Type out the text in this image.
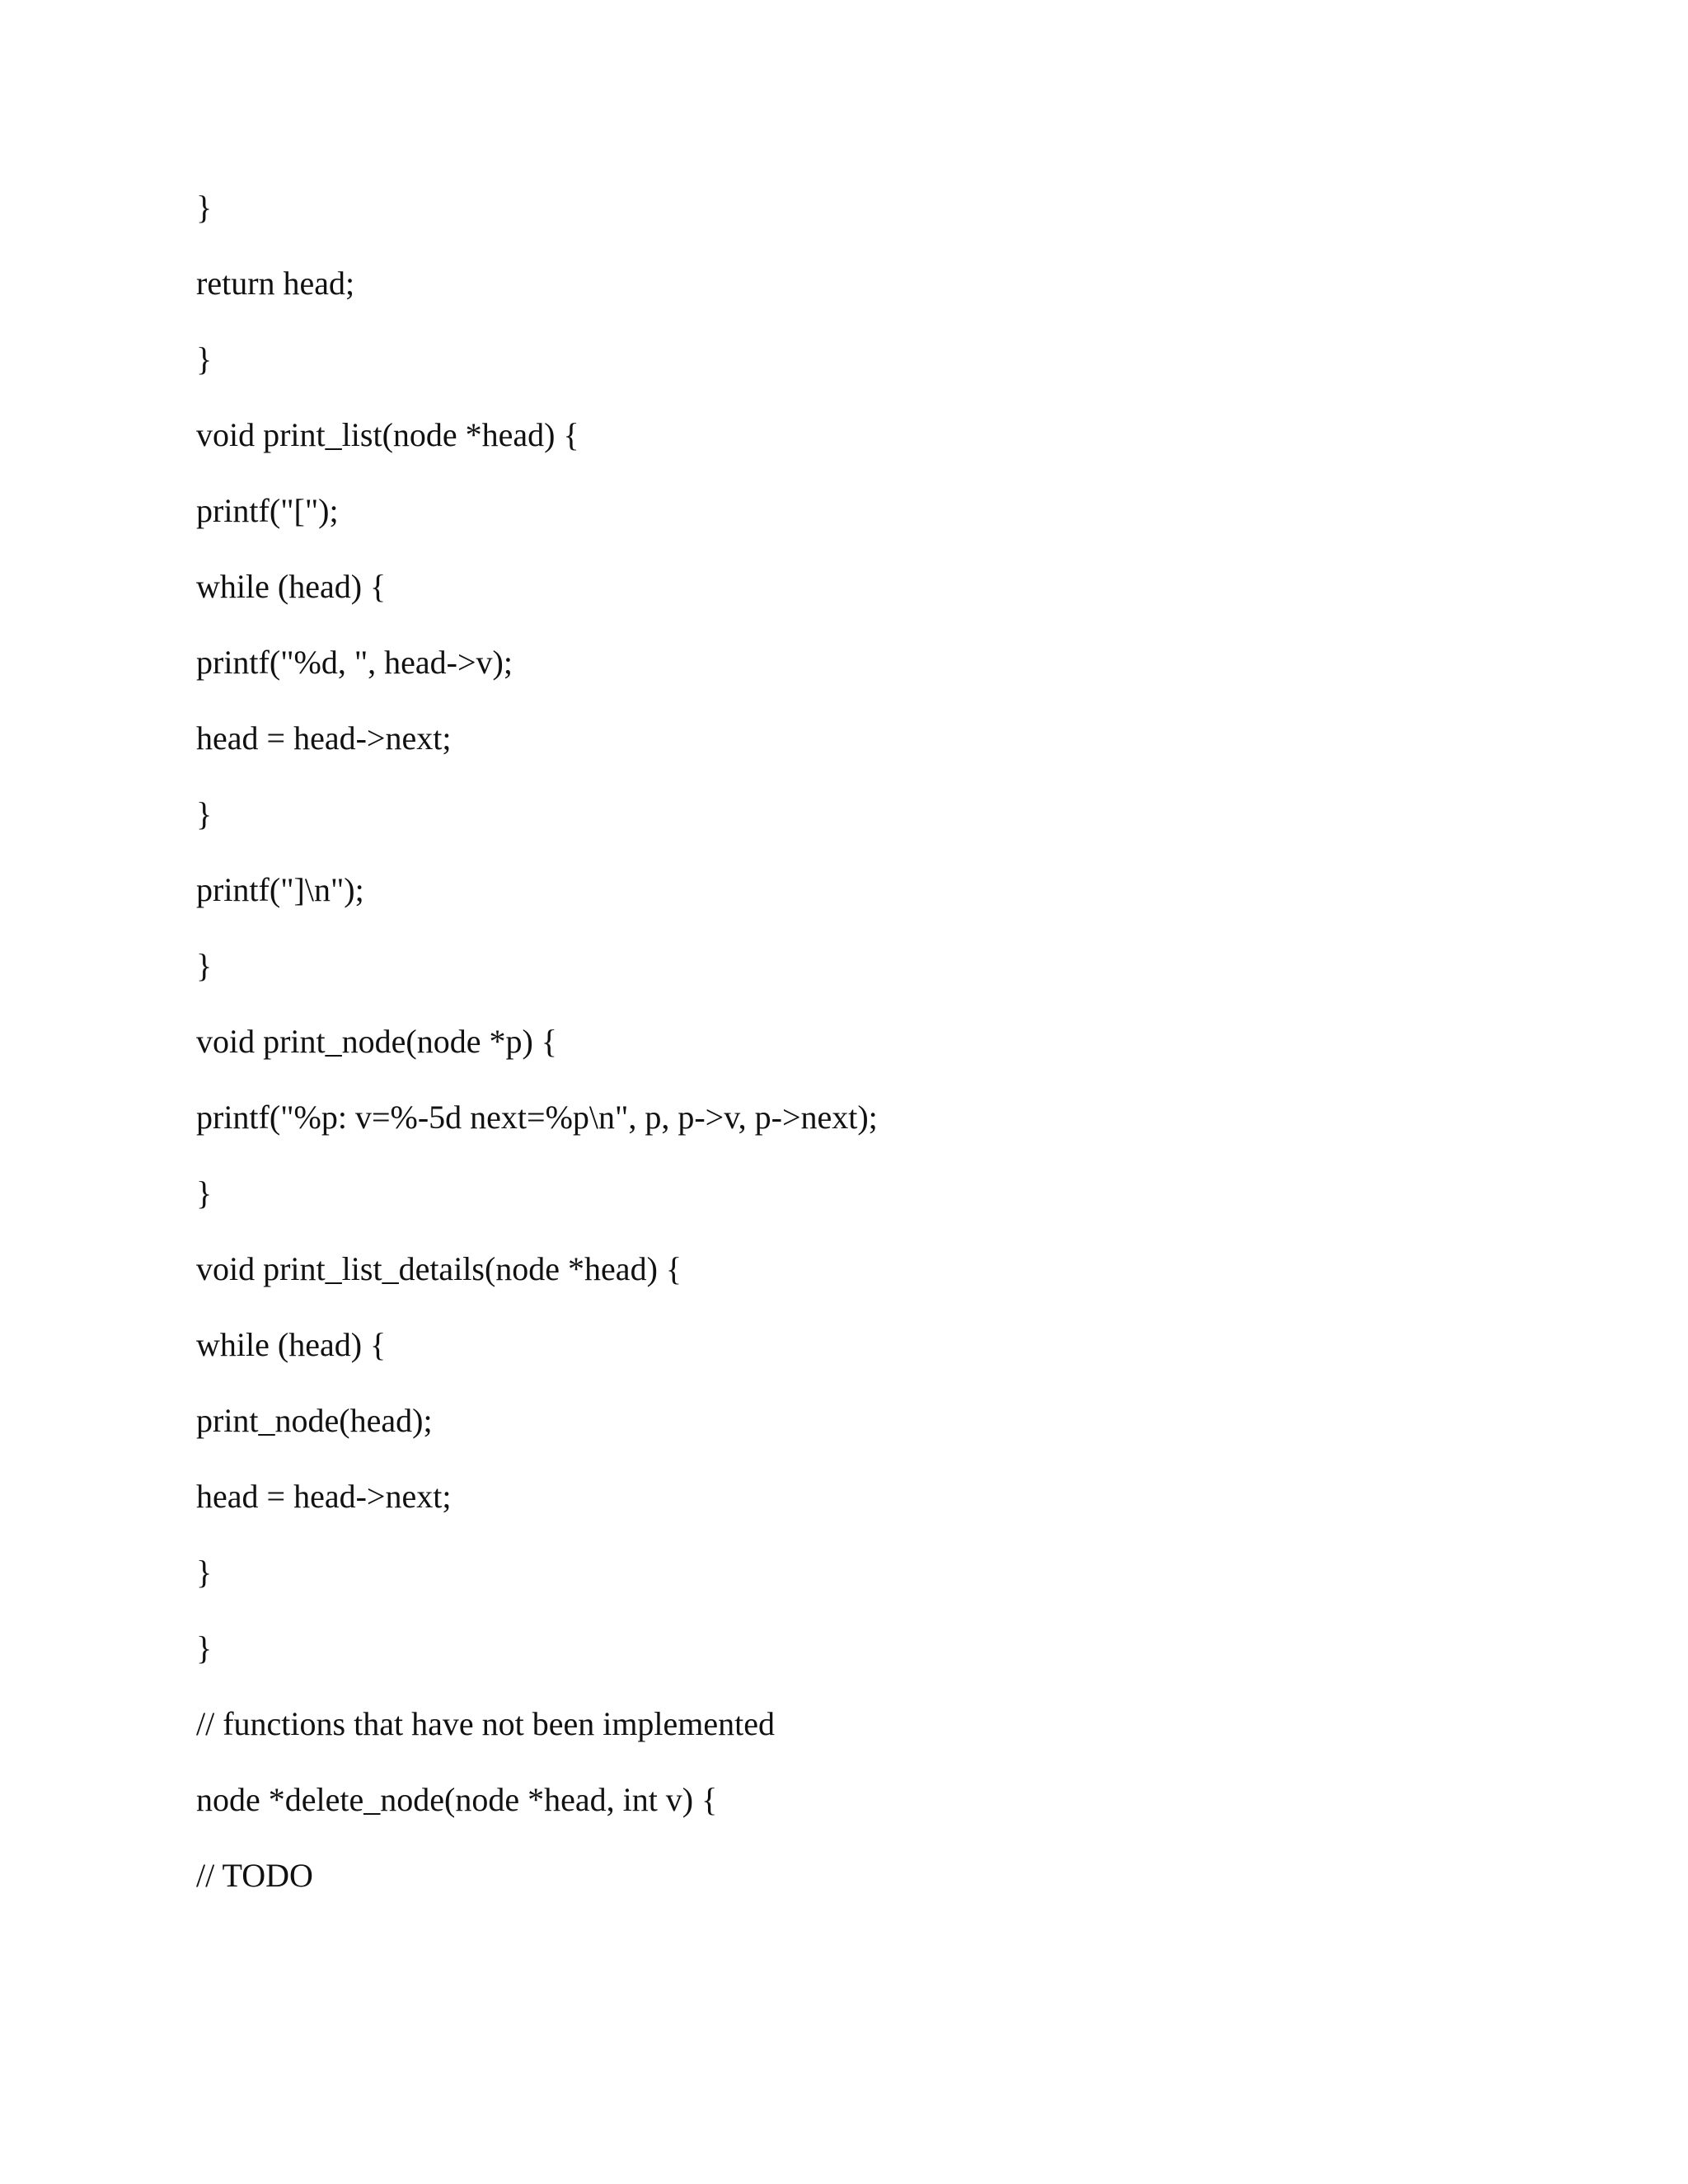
}
return head;
}
void print_list(node *head) {
printf("[");
while (head) {
printf("%d, ", head->v);
head = head->next;
}
printf("]\n");
}
void print_node(node *p) {
printf("%p: v=%-5d next=%p\n", p, p->v, p->next);
}
void print_list_details(node *head) {
while (head) {
print_node(head);
head = head->next;
}
}
// functions that have not been implemented
node *delete_node(node *head, int v) {
// TODO
